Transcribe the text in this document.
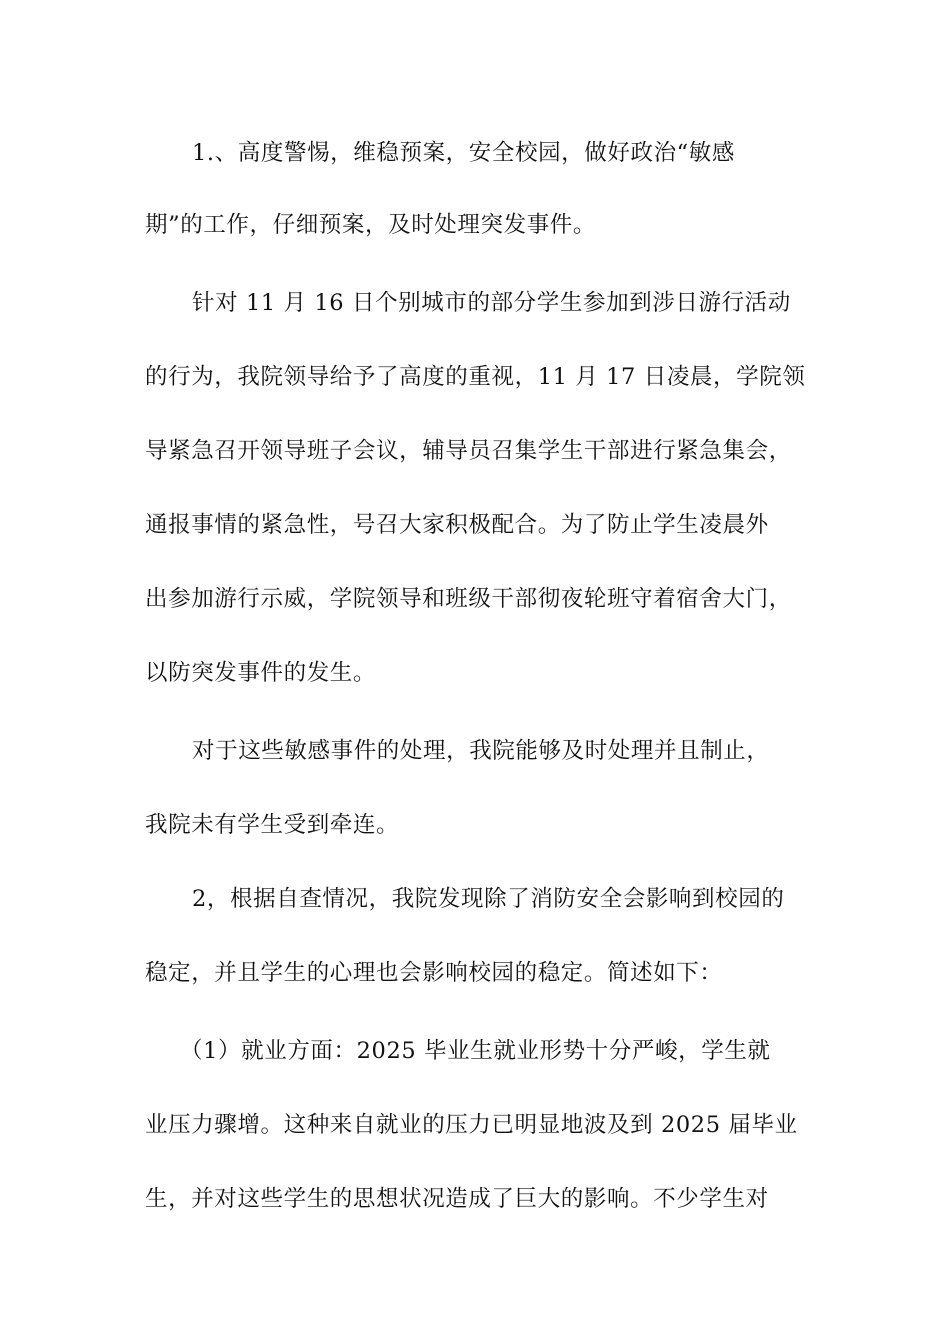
1.、高度警惕，维稳预案，安全校园，做好政治“敏感
期”的工作，仔细预案，及时处理突发事件。
针对 11 月 16 日个别城市的部分学生参加到涉日游行活动
的行为，我院领导给予了高度的重视，11 月 17 日凌晨，学院领
导紧急召开领导班子会议，辅导员召集学生干部进行紧急集会，
通报事情的紧急性，号召大家积极配合。为了防止学生凌晨外
出参加游行示威，学院领导和班级干部彻夜轮班守着宿舍大门，
以防突发事件的发生。
对于这些敏感事件的处理，我院能够及时处理并且制止，
我院未有学生受到牵连。
2，根据自查情况，我院发现除了消防安全会影响到校园的
稳定，并且学生的心理也会影响校园的稳定。简述如下：
（1）就业方面：2025 毕业生就业形势十分严峻，学生就
业压力骤增。这种来自就业的压力已明显地波及到 2025 届毕业
生，并对这些学生的思想状况造成了巨大的影响。不少学生对
